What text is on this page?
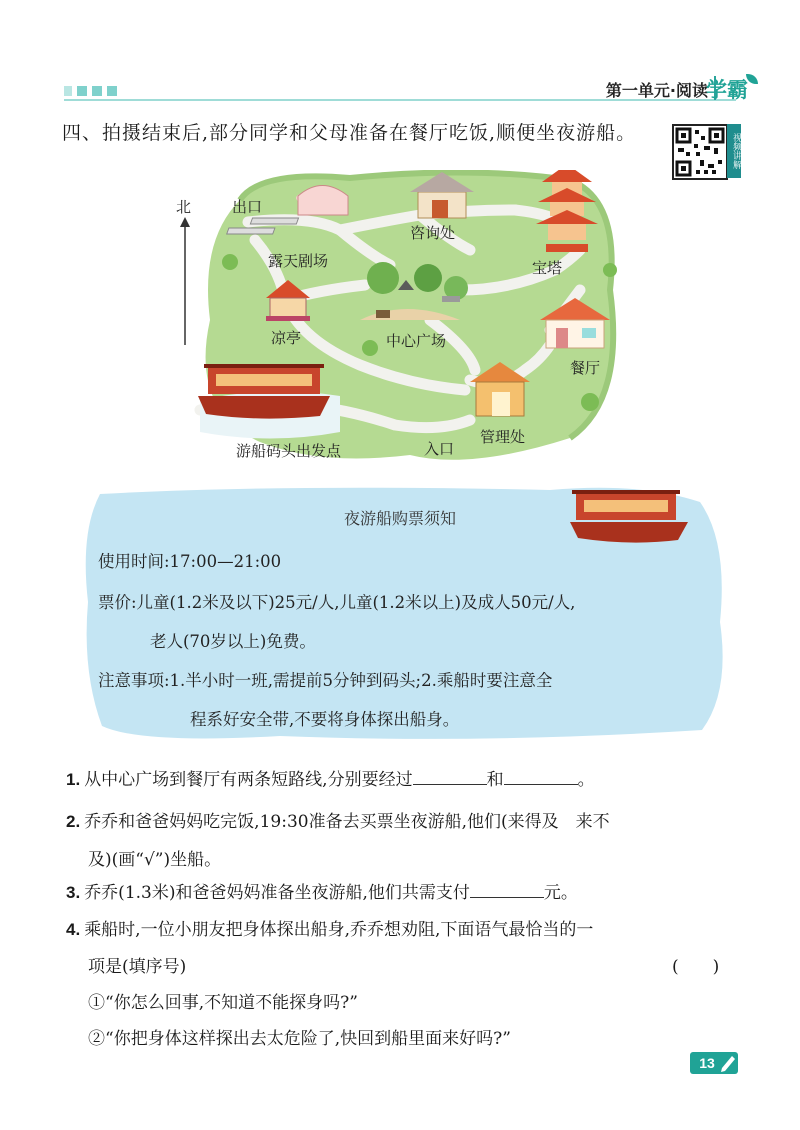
第一单元·阅读
学霸
四、拍摄结束后,部分同学和父母准备在餐厅吃饭,顺便坐夜游船。	视频讲解
北	出口
露天剧场
咨询处
宝塔
凉亭	中心广场
餐厅
游船码头出发点	入口
管理处
夜游船购票须知
使用时间:17:00—21:00
票价:儿童(1.2米及以下)25元/人,儿童(1.2米以上)及成人50元/人,
老人(70岁以上)免费。
注意事项:1.半小时一班,需提前5分钟到码头;2.乘船时要注意全
程系好安全带,不要将身体探出船身。
1. 从中心广场到餐厅有两条短路线,分别要经过	和	。
2. 乔乔和爸爸妈妈吃完饭,19:30准备去买票坐夜游船,他们(来得及　来不
及)(画“√”)坐船。
3. 乔乔(1.3米)和爸爸妈妈准备坐夜游船,他们共需支付	元。
4. 乘船时,一位小朋友把身体探出船身,乔乔想劝阻,下面语气最恰当的一
项是(填序号)	(　　)
①“你怎么回事,不知道不能探身吗?”
②“你把身体这样探出去太危险了,快回到船里面来好吗?”
13
